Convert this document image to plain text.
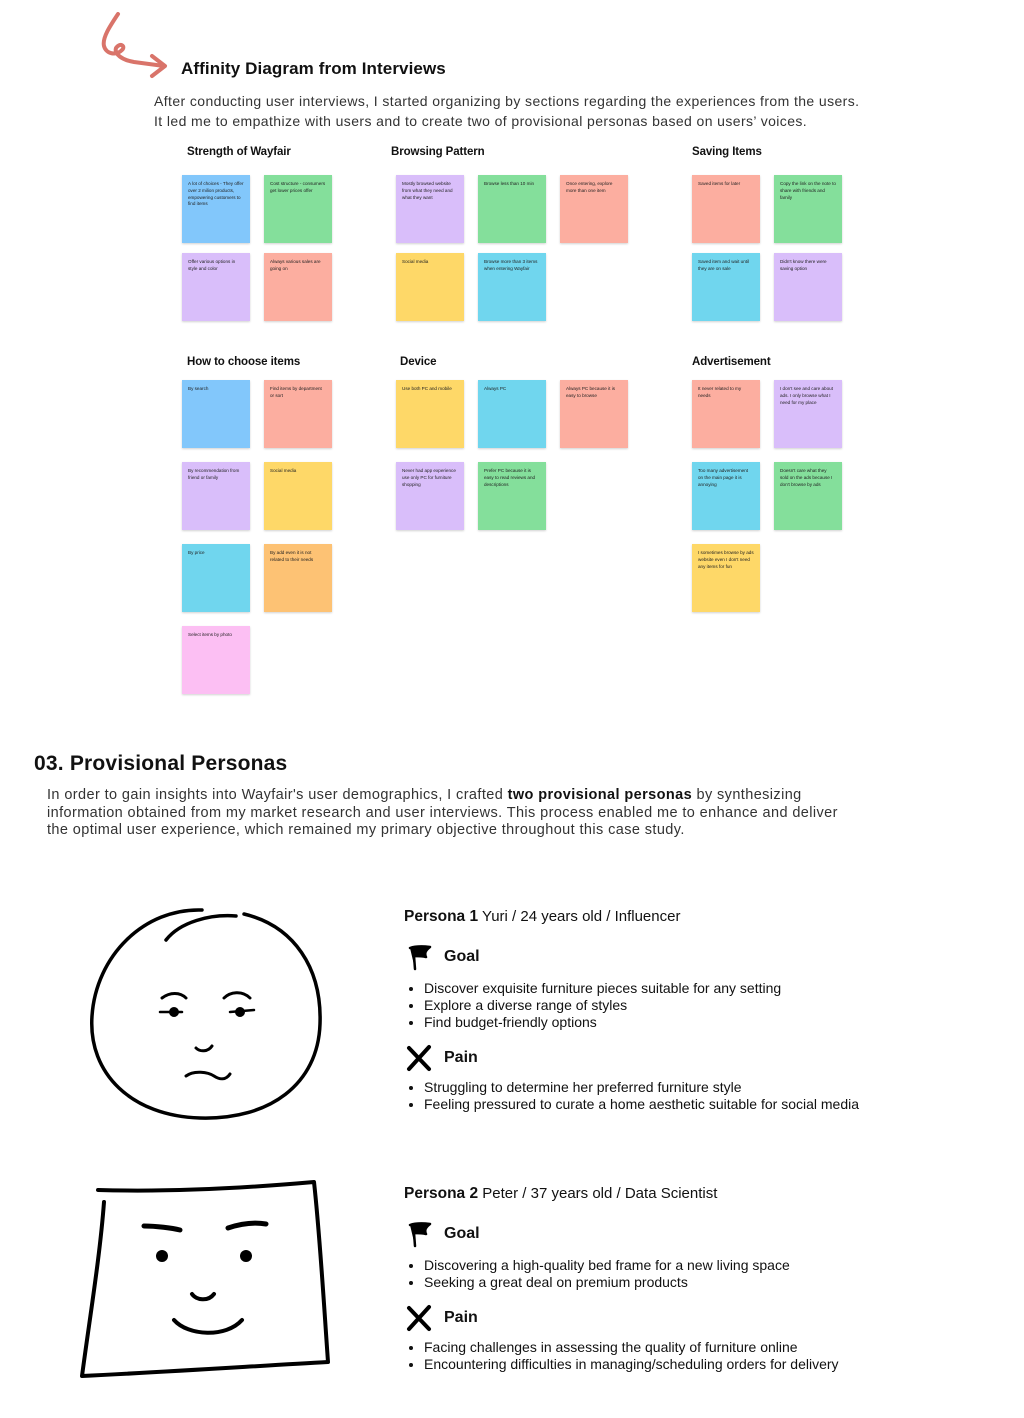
Affinity Diagram from Interviews
After conducting user interviews, I started organizing by sections regarding the experiences from the users.
It led me to empathize with users and to create two of provisional personas based on users’ voices.
Strength of Wayfair	Browsing Pattern	Saving Items
How to choose items	Device	Advertisement
A lot of choices - They offer over 2 milion products, empowering customers to find items
Cost structure - consumers get lower prices offer
Offer various options in style and color
Always various sales are going on
Mostly browsed website from what they need and what they want
Browse less than 10 min	Once entering, explore more than one item
Social media	Browse more than 3 items when entering Wayfair
Saved items for later	Copy the link on the note to share with friends and family
Saved item and wait until they are on sale
Didn't know there were saving option
By search	Find items by department or sort
By recommendation from friend or family
Social media
By price	By add even it is not related to their needs
Select items by photo
Use both PC and mobile	Always PC	Always PC because it is easy to browse
Never had app experience use only PC for furniture shopping
Prefer PC because it is easy to read reviews and descriptions
It never related to my needs
I don't see and care about ads. I only browse what I need for my place
Too many advertisement on the main page it is annoying
Doesn't care what they sold on the ads because I don't browse by ads
I sometimes browse by ads website even I don't need any items for fun
03. Provisional Personas
In order to gain insights into Wayfair's user demographics, I crafted two provisional personas by synthesizing
information obtained from my market research and user interviews. This process enabled me to enhance and deliver
the optimal user experience, which remained my primary objective throughout this case study.
Persona 1 Yuri / 24 years old / Influencer
Goal
• Discover exquisite furniture pieces suitable for any setting
• Explore a diverse range of styles
• Find budget-friendly options
Pain
• Struggling to determine her preferred furniture style
• Feeling pressured to curate a home aesthetic suitable for social media
Persona 2 Peter / 37 years old / Data Scientist
Goal
• Discovering a high-quality bed frame for a new living space
• Seeking a great deal on premium products
Pain
• Facing challenges in assessing the quality of furniture online
• Encountering difficulties in managing/scheduling orders for delivery
